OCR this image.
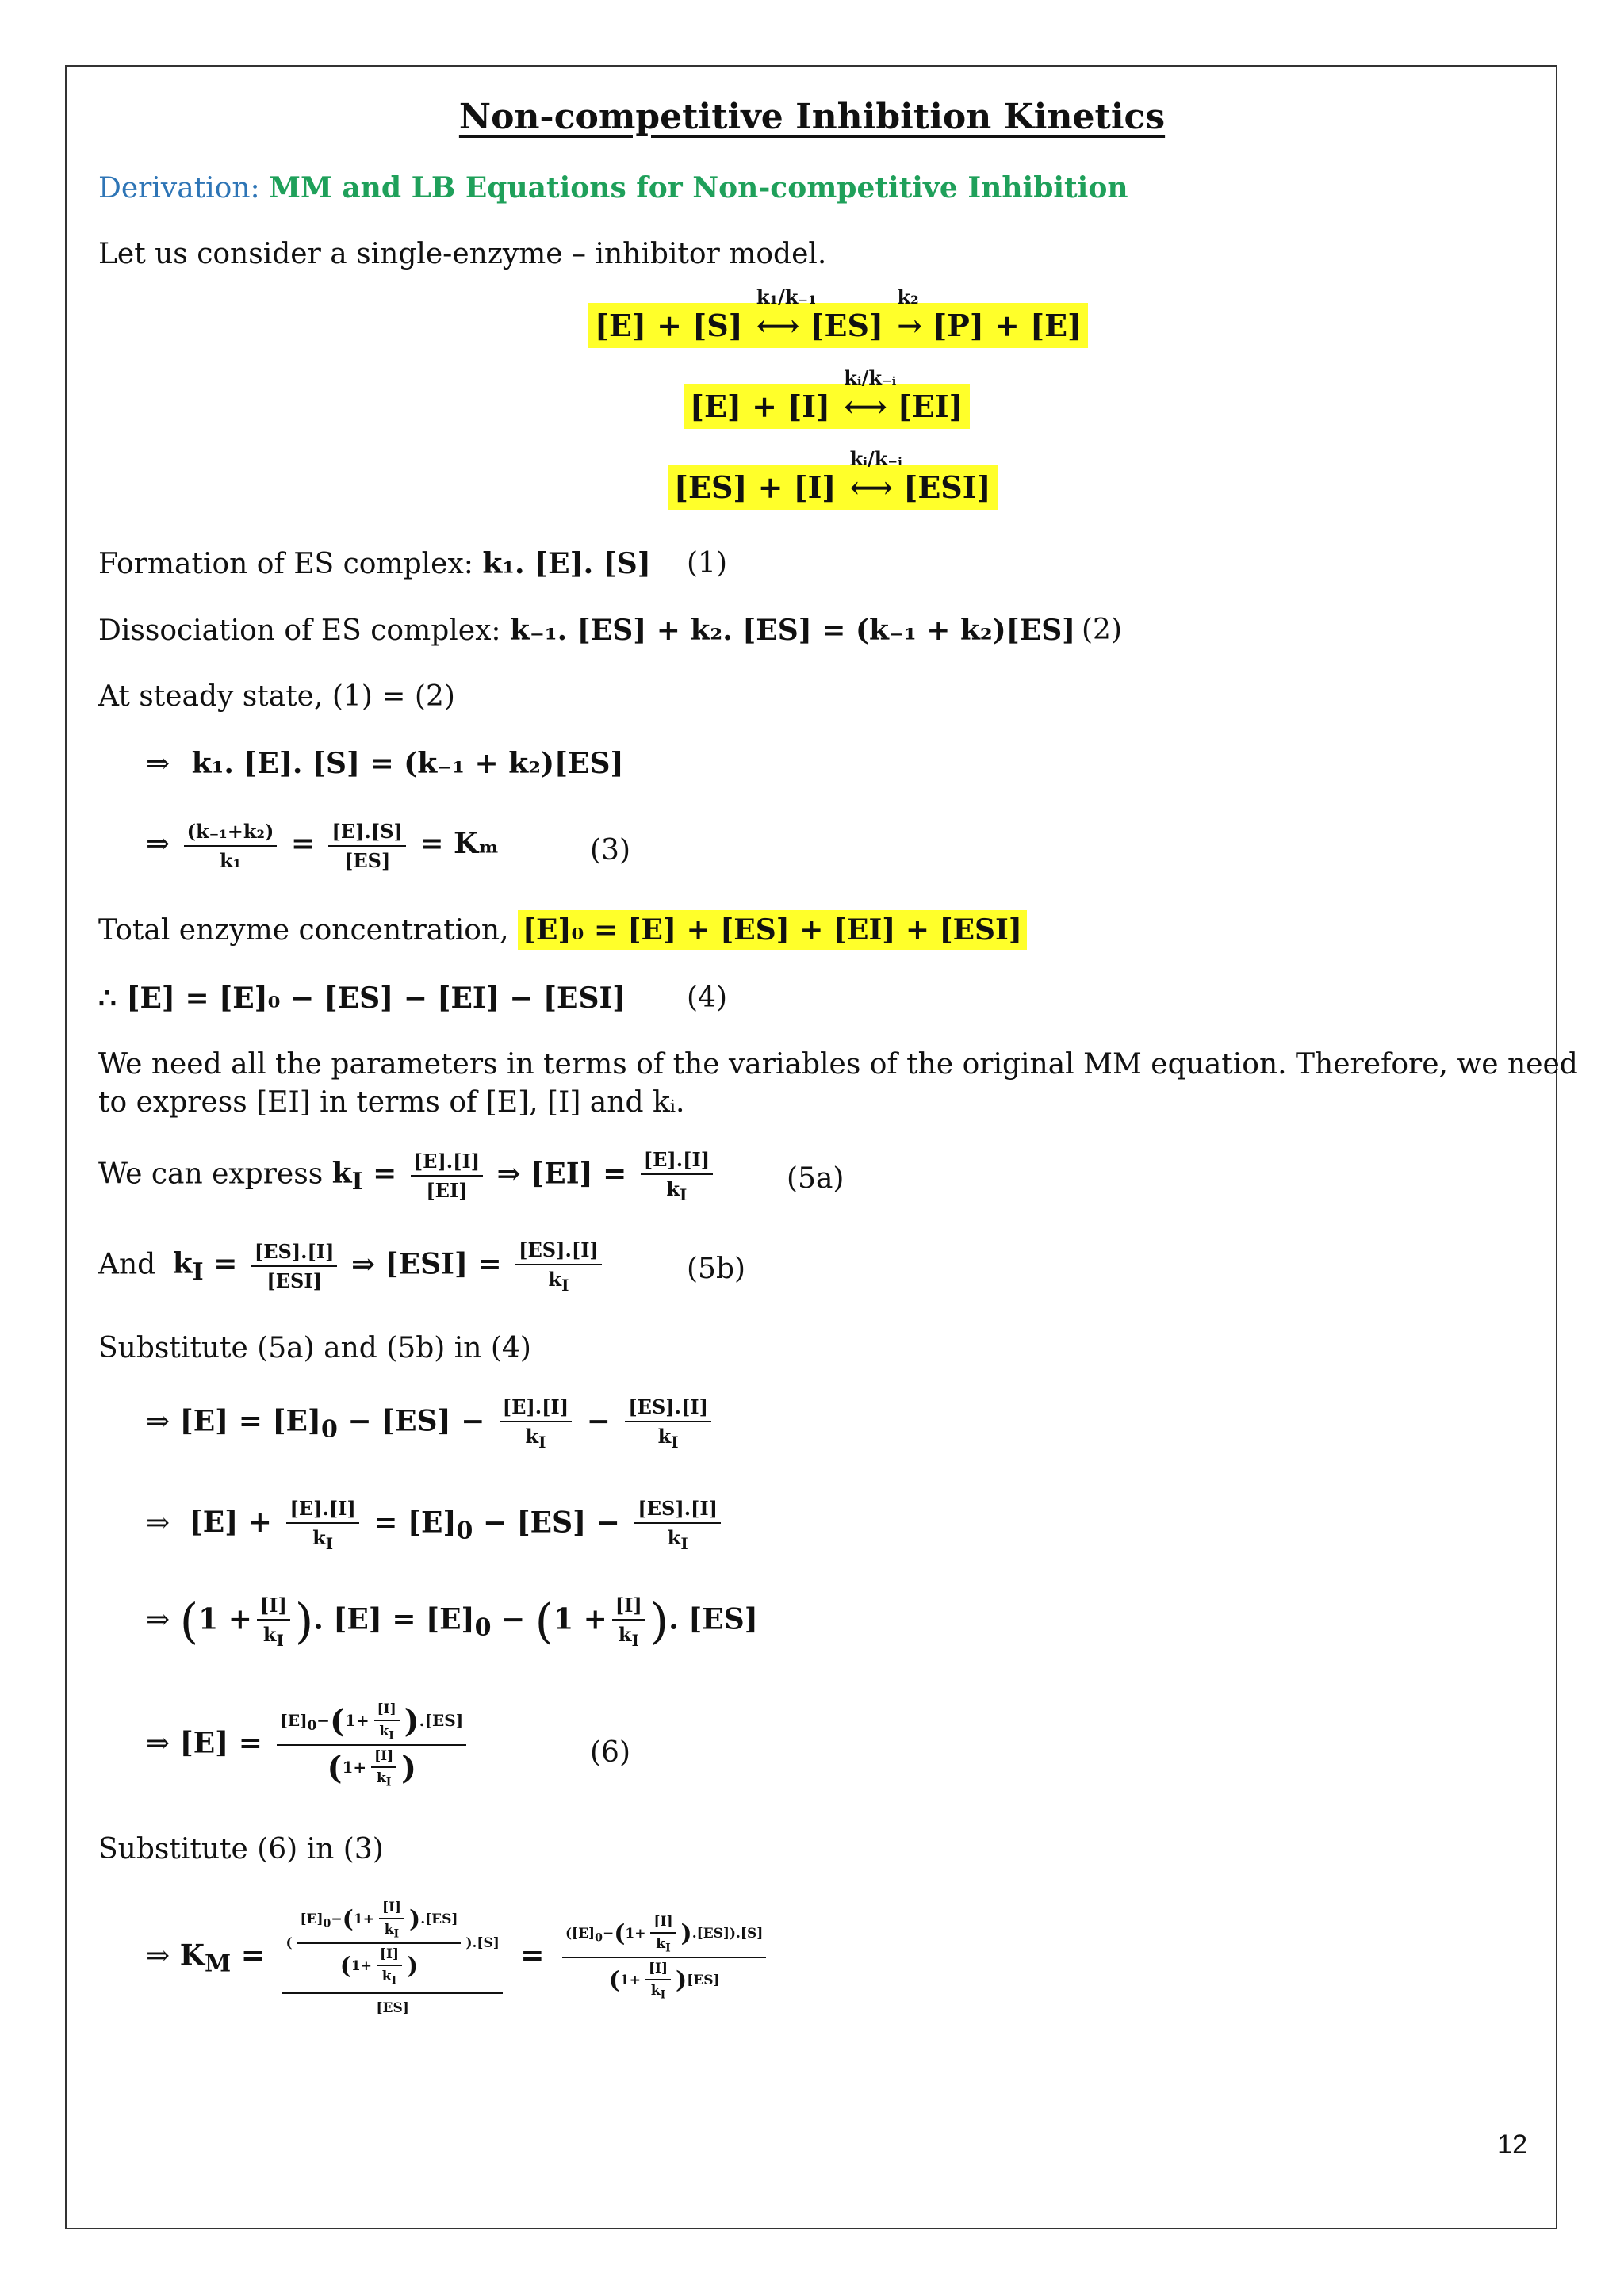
Non-competitive Inhibition Kinetics
Derivation: MM and LB Equations for Non-competitive Inhibition
Let us consider a single-enzyme – inhibitor model.
[E] + [S]
k₁/k₋₁
⟷ [ES]
k₂
→ [P] + [E]
[E] + [I]
kᵢ/k₋ᵢ
⟷ [EI]
[ES] + [I]
kᵢ/k₋ᵢ
⟷ [ESI]
Formation of ES complex: k₁. [E]. [S] (1)
Dissociation of ES complex: k₋₁. [ES] + k₂. [ES] = (k₋₁ + k₂)[ES] (2)
At steady state, (1) = (2)
⇒ k₁. [E]. [S] = (k₋₁ + k₂)[ES]
⇒ $\frac{\text{(k₋₁+k₂)}}{\text{k₁}} = \frac{[E].[S]}{[ES]} = K_m$	(3)
Total enzyme concentration, [E]₀ = [E] + [ES] + [EI] + [ESI]
∴ [E] = [E]₀ − [ES] − [EI] − [ESI] (4)
We need all the parameters in terms of the variables of the original MM equation. Therefore, we need
to express [EI] in terms of [E], [I] and kᵢ.
We can express $k_I = \frac{[E].[I]}{[EI]}$ ⇒ $[EI] = \frac{[E].[I]}{k_I}$	(5a)
And $k_I = \frac{[ES].[I]}{\text{[ESI]}}$ ⇒ $[ESI] = \frac{[ES].[I]}{k_I}$	(5b)
Substitute (5a) and (5b) in (4)
⇒ $[E] = [E]_0 - [ES] - \frac{[E].[I]}{k_I} - \frac{[ES].[I]}{k_I}$
⇒ $[E] + \frac{[E].[I]}{k_I} = [E]_0 - [ES] - \frac{[ES].[I]}{k_I}$
⇒ ($1 + \frac{[I]}{k_I}$ ). $[E] = [E]_0 - (1 + \frac{[I]}{k_I}$ ). [ES]
⇒ $[E] = \frac{[E]_0-(1+ \frac{[I]}{k_I} ).[ES]}{(1+ \frac{[I]}{k_I} )}$	(6)
Substitute (6) in (3)
⇒ $K_M = \frac{( \frac{[E]_0-(1+ \frac{[I]}{k_I} ).[ES]}{(1+ \frac{[I]}{k_I} )} ).[S]}{[ES]} = \frac{([E]_0-(1+ \frac{[I]}{k_I} ).[ES]).[S]}{(1+ \frac{[I]}{k_I} )[ES]}$
12
